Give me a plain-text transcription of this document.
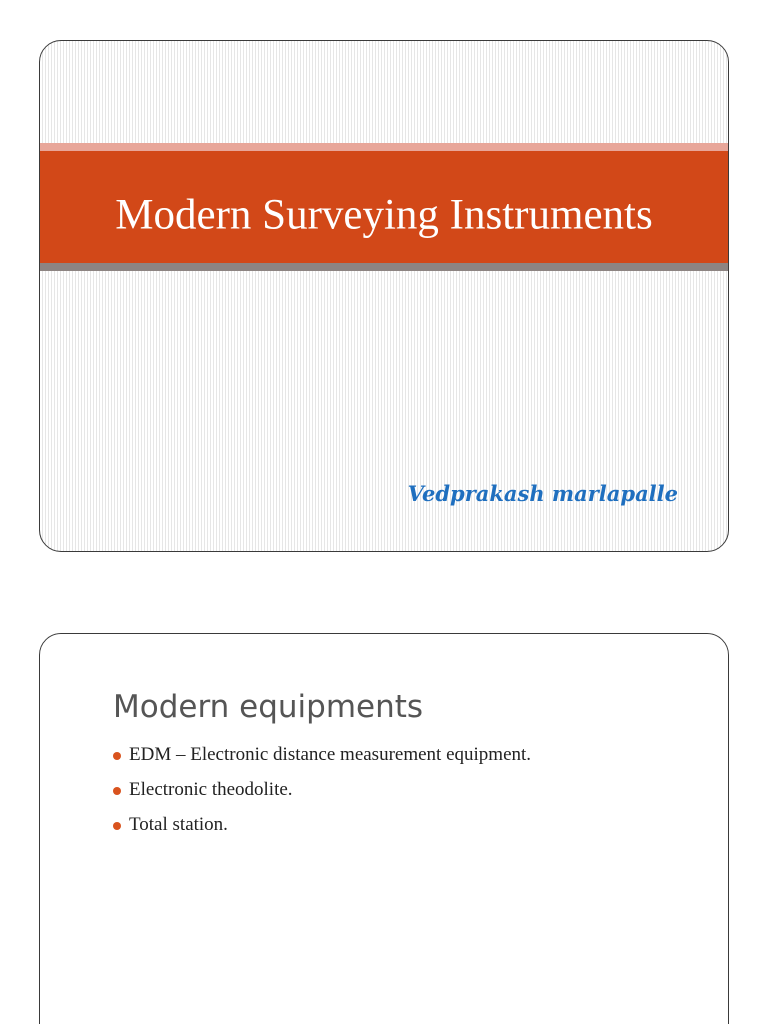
Modern Surveying Instruments
Vedprakash marlapalle
Modern equipments
EDM – Electronic distance measurement equipment.
Electronic theodolite.
Total station.
